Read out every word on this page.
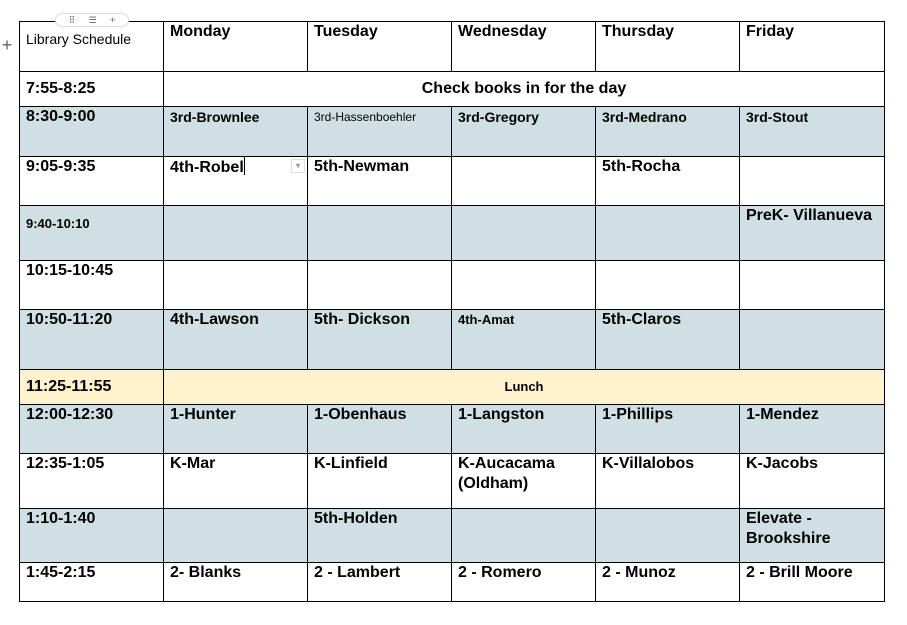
+
⠿ ☰ +
Library Schedule	Monday	Tuesday	Wednesday	Thursday	Friday
7:55-8:25	Check books in for the day				
8:30-9:00	3rd-Brownlee	3rd-Hassenboehler	3rd-Gregory	3rd-Medrano	3rd-Stout
9:05-9:35	4th-Robel ▾	5th-Newman		5th-Rocha	
9:40-10:10					PreK- Villanueva
10:15-10:45					
10:50-11:20	4th-Lawson	5th- Dickson	4th-Amat	5th-Claros	
11:25-11:55	Lunch				
12:00-12:30	1-Hunter	1-Obenhaus	1-Langston	1-Phillips	1-Mendez
12:35-1:05	K-Mar	K-Linfield	K-Aucacama (Oldham)	K-Villalobos	K-Jacobs
1:10-1:40		5th-Holden			Elevate - Brookshire
1:45-2:15	2- Blanks	2 - Lambert	2 - Romero	2 - Munoz	2 - Brill Moore
